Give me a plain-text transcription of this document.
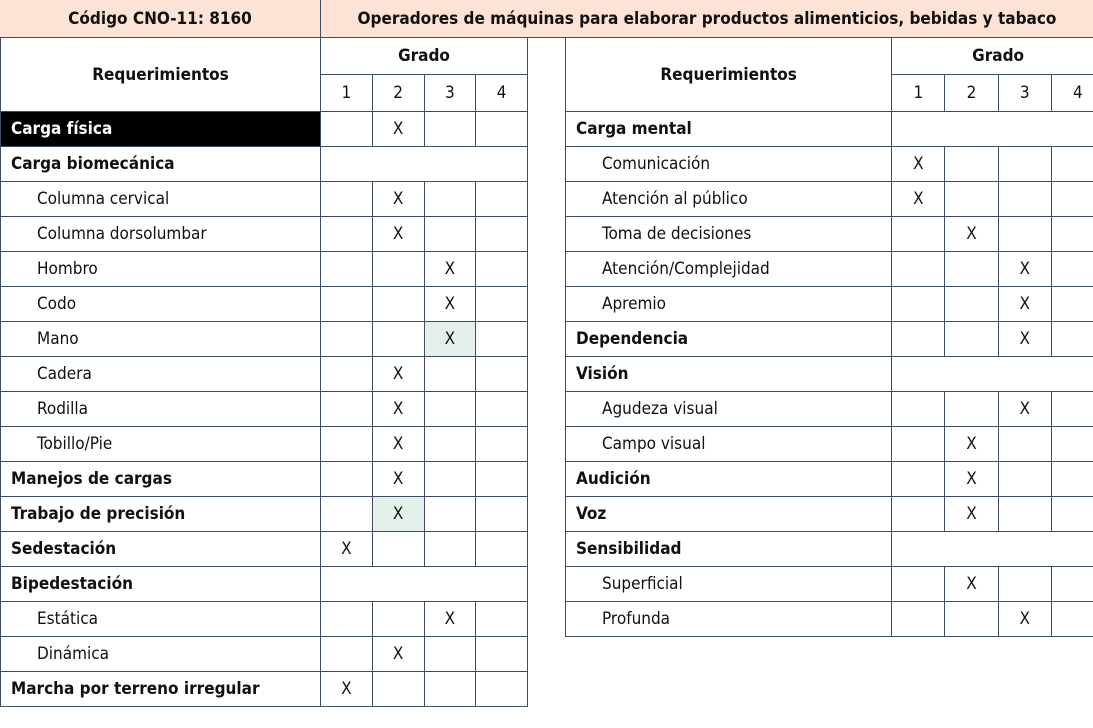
Código CNO-11: 8160	Operadores de máquinas para elaborar productos alimenticios, bebidas y tabaco
Requerimientos	Grado			
	1	2	3	4
Carga física		X		
Carga biomecánica				
Columna cervical		X		
Columna dorsolumbar		X		
Hombro			X	
Codo			X	
Mano			X	
Cadera		X		
Rodilla		X		
Tobillo/Pie		X		
Manejos de cargas		X		
Trabajo de precisión		X		
Sedestación	X			
Bipedestación				
Estática			X	
Dinámica		X		
Marcha por terreno irregular	X			
Requerimientos	Grado			
	1	2	3	4
Carga mental				
Comunicación	X			
Atención al público	X			
Toma de decisiones		X		
Atención/Complejidad			X	
Apremio			X	
Dependencia			X	
Visión				
Agudeza visual			X	
Campo visual		X		
Audición		X		
Voz		X		
Sensibilidad				
Superficial		X		
Profunda			X	
